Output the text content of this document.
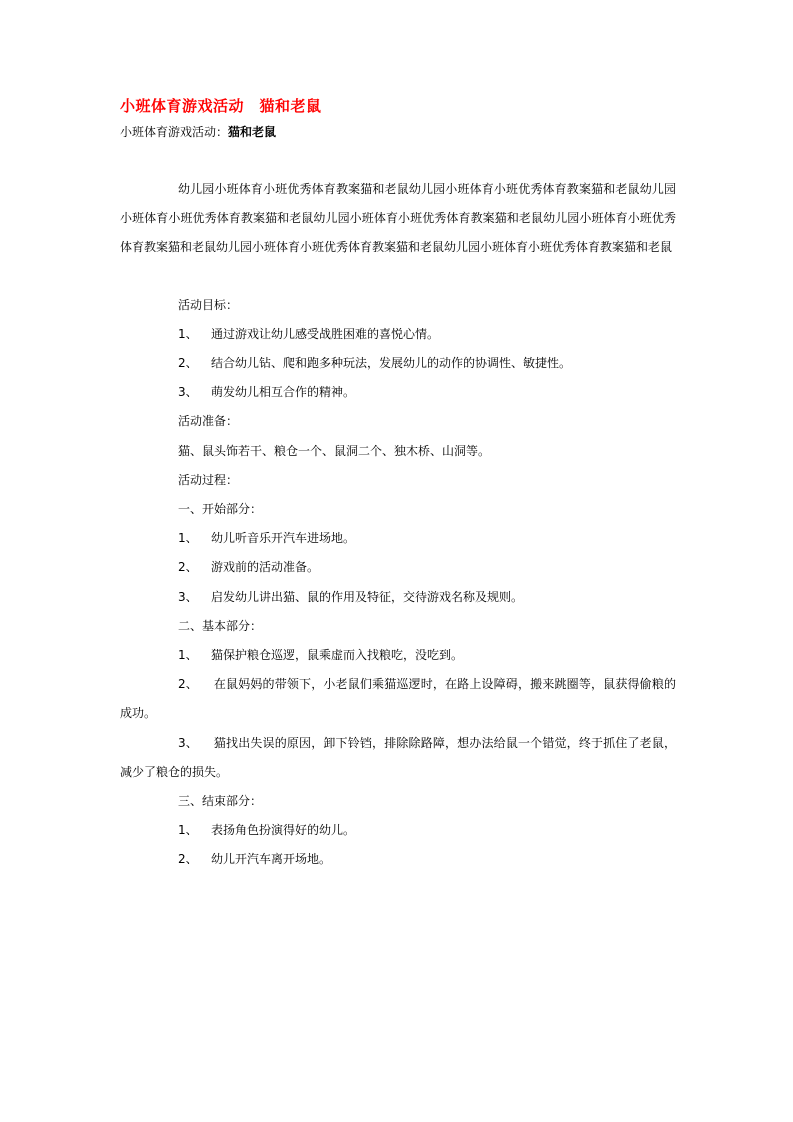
小班体育游戏活动　猫和老鼠
小班体育游戏活动：猫和老鼠
幼儿园小班体育小班优秀体育教案猫和老鼠幼儿园小班体育小班优秀体育教案猫和老鼠幼儿园小班体育小班优秀体育教案猫和老鼠幼儿园小班体育小班优秀体育教案猫和老鼠幼儿园小班体育小班优秀体育教案猫和老鼠幼儿园小班体育小班优秀体育教案猫和老鼠幼儿园小班体育小班优秀体育教案猫和老鼠
活动目标：
1、 通过游戏让幼儿感受战胜困难的喜悦心情。
2、 结合幼儿钻、爬和跑多种玩法，发展幼儿的动作的协调性、敏捷性。
3、 萌发幼儿相互合作的精神。
活动准备：
猫、鼠头饰若干、粮仓一个、鼠洞二个、独木桥、山洞等。
活动过程：
一、开始部分：
1、 幼儿听音乐开汽车进场地。
2、 游戏前的活动准备。
3、 启发幼儿讲出猫、鼠的作用及特征，交待游戏名称及规则。
二、基本部分：
1、 猫保护粮仓巡逻，鼠乘虚而入找粮吃，没吃到。
2、 在鼠妈妈的带领下，小老鼠们乘猫巡逻时，在路上设障碍，搬来跳圈等，鼠获得偷粮的成功。
3、 猫找出失误的原因，卸下铃铛，排除除路障，想办法给鼠一个错觉，终于抓住了老鼠，减少了粮仓的损失。
三、结束部分：
1、 表扬角色扮演得好的幼儿。
2、 幼儿开汽车离开场地。
